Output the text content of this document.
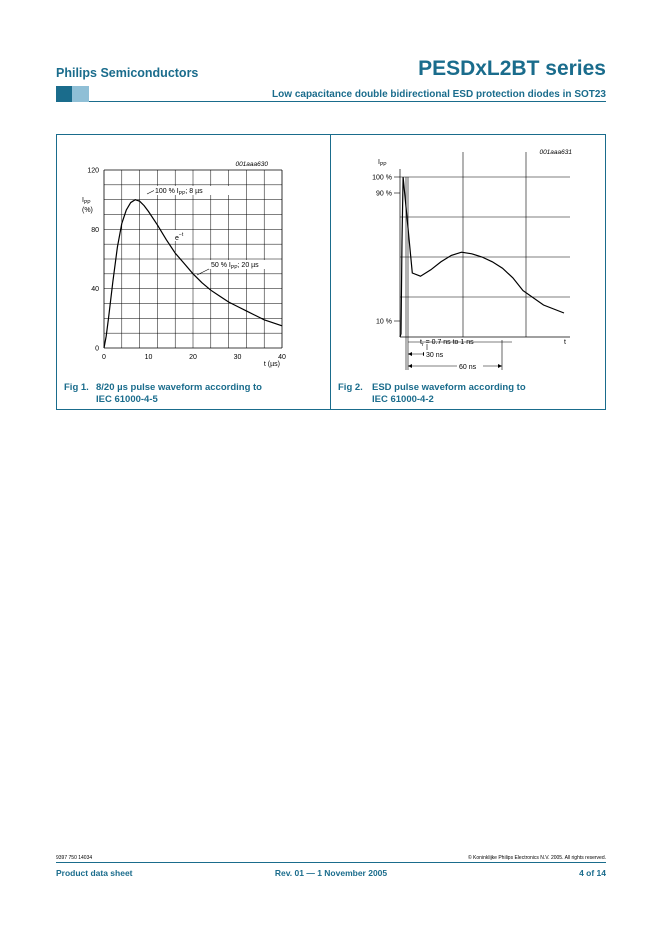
Philips Semiconductors	PESDxL2BT series
Low capacitance double bidirectional ESD protection diodes in SOT23
001aaa630
0
40
80
120
0	10	20	30	40
$I_{PP}$
(%)
t (µs)
100 % $I_{PP}$; 8 µs
$e^{-t}$
50 % $I_{PP}$; 20 µs
Fig 1. 8/20 µs pulse waveform according to
IEC 61000-4-5
001aaa631
10 %
90 %
100 %
$I_{PP}$
t
$t_r = 0.7$ ns to 1 ns
30 ns
60 ns
Fig 2. ESD pulse waveform according to
IEC 61000-4-2
9397 750 14034	© Koninklijke Philips Electronics N.V. 2005. All rights reserved.
Product data sheet	Rev. 01 — 1 November 2005	4 of 14
